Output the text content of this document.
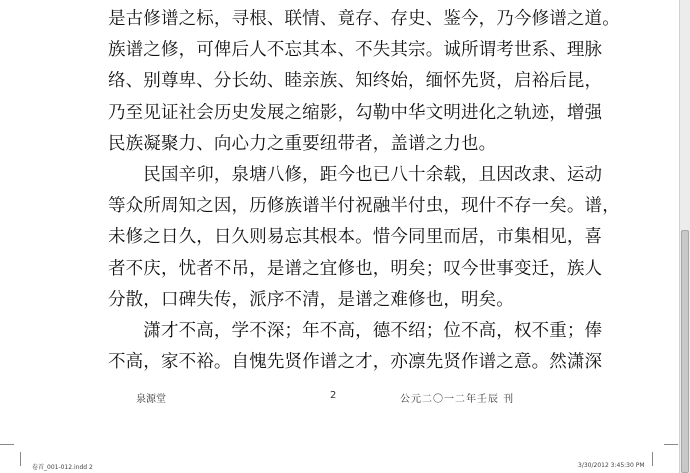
是古修谱之标，寻根、联情、竟存、存史、鉴今，乃今修谱之道。
族谱之修，可俾后人不忘其本、不失其宗。诚所谓考世系、理脉
络、别尊卑、分长幼、睦亲族、知终始，缅怀先贤，启裕后昆，
乃至见证社会历史发展之缩影，勾勒中华文明进化之轨迹，增强
民族凝聚力、向心力之重要纽带者，盖谱之力也。
　　民国辛卯，泉塘八修，距今也已八十余载，且因改隶、运动
等众所周知之因，历修族谱半付祝融半付虫，现什不存一矣。谱，
未修之日久，日久则易忘其根本。惜今同里而居，市集相见，喜
者不庆，忧者不吊，是谱之宜修也，明矣；叹今世事变迁，族人
分散，口碑失传，派序不清，是谱之难修也，明矣。
　　潇才不高，学不深；年不高，德不绍；位不高，权不重；俸
不高，家不裕。自愧先贤作谱之才，亦凛先贤作谱之意。然潇深
泉源堂	2	公元二〇一二年壬辰 刊
卷首_001-012.indd 2	3/30/2012 3:45:30 PM
